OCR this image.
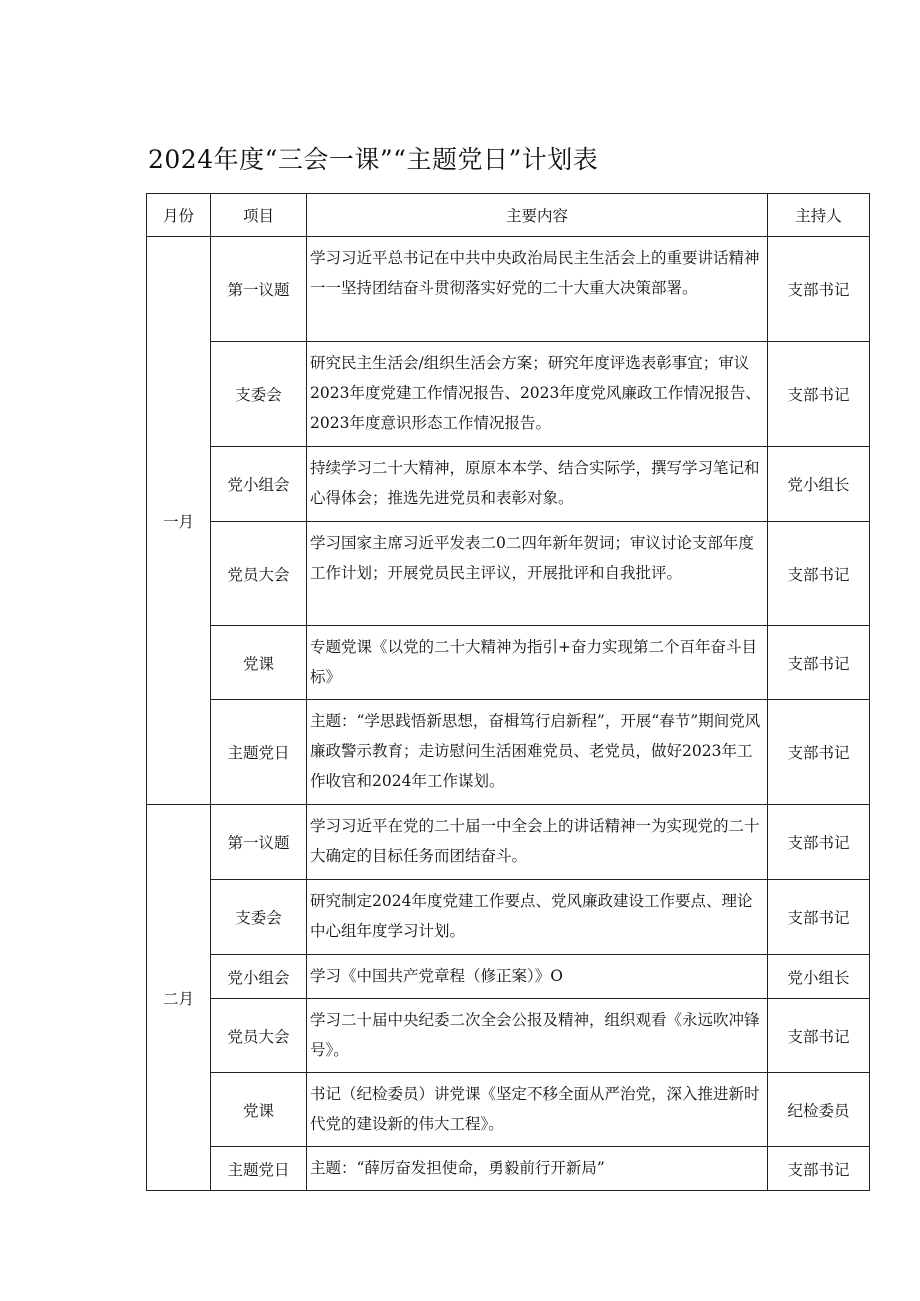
2024年度“三会一课”“主题党日”计划表
月份	项目	主要内容	主持人
一月	第一议题	学习习近平总书记在中共中央政治局民主生活会上的重要讲话精神一一坚持团结奋斗贯彻落实好党的二十大重大决策部署。	支部书记
	支委会	研究民主生活会/组织生活会方案；研究年度评选表彰事宜；审议2023年度党建工作情况报告、2023年度党风廉政工作情况报告、2023年度意识形态工作情况报告。	支部书记
	党小组会	持续学习二十大精神，原原本本学、结合实际学，撰写学习笔记和心得体会；推选先进党员和表彰对象。	党小组长
	党员大会	学习国家主席习近平发表二0二四年新年贺词；审议讨论支部年度工作计划；开展党员民主评议，开展批评和自我批评。	支部书记
	党课	专题党课《以党的二十大精神为指引+奋力实现第二个百年奋斗目标》	支部书记
	主题党日	主题：“学思践悟新思想，奋楫笃行启新程”，开展“春节”期间党风廉政警示教育；走访慰问生活困难党员、老党员，做好2023年工作收官和2024年工作谋划。	支部书记
二月	第一议题	学习习近平在党的二十届一中全会上的讲话精神一为实现党的二十大确定的目标任务而团结奋斗。	支部书记
	支委会	研究制定2024年度党建工作要点、党风廉政建设工作要点、理论中心组年度学习计划。	支部书记
	党小组会	学习《中国共产党章程（修正案）》O	党小组长
	党员大会	学习二十届中央纪委二次全会公报及精神，组织观看《永远吹冲锋号》。	支部书记
	党课	书记（纪检委员）讲党课《坚定不移全面从严治党，深入推进新时代党的建设新的伟大工程》。	纪检委员
	主题党日	主题：“薛厉奋发担使命，勇毅前行开新局”	支部书记
